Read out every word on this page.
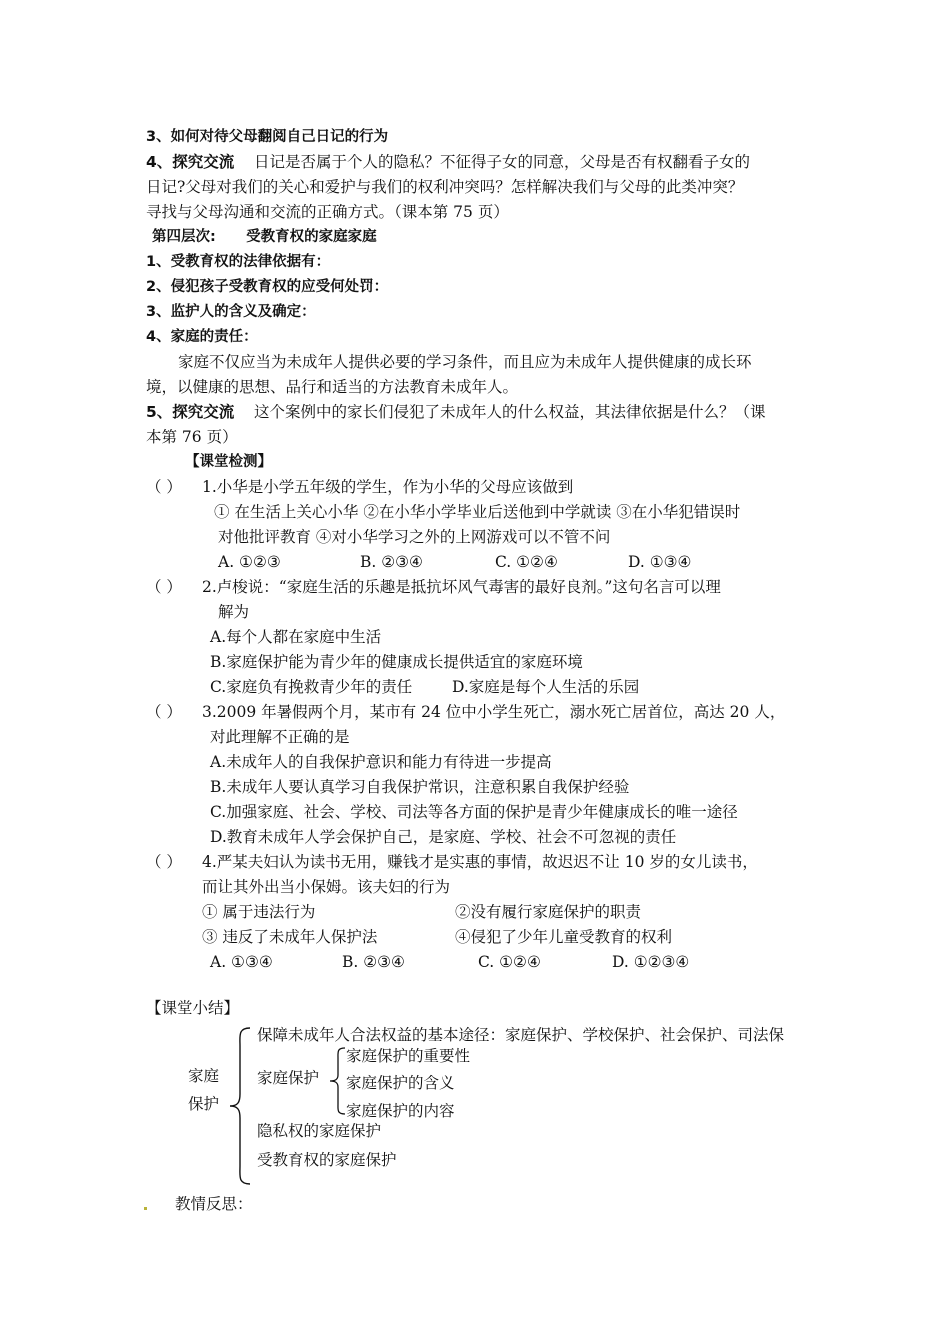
3、如何对待父母翻阅自己日记的行为
4、探究交流 日记是否属于个人的隐私？不征得子女的同意，父母是否有权翻看子女的
日记?父母对我们的关心和爱护与我们的权利冲突吗？怎样解决我们与父母的此类冲突？
寻找与父母沟通和交流的正确方式。（课本第 75 页）
第四层次: 受教育权的家庭家庭
1、受教育权的法律依据有：
2、侵犯孩子受教育权的应受何处罚：
3、监护人的含义及确定：
4、家庭的责任：
家庭不仅应当为未成年人提供必要的学习条件，而且应为未成年人提供健康的成长环
境，以健康的思想、品行和适当的方法教育未成年人。
5、探究交流 这个案例中的家长们侵犯了未成年人的什么权益，其法律依据是什么？（课
本第 76 页）
【课堂检测】
（ ） 1.小华是小学五年级的学生，作为小华的父母应该做到
① 在生活上关心小华 ②在小华小学毕业后送他到中学就读 ③在小华犯错误时
对他批评教育 ④对小华学习之外的上网游戏可以不管不问
A. ①②③	B. ②③④	C. ①②④	D. ①③④
（ ） 2.卢梭说：“家庭生活的乐趣是抵抗坏风气毒害的最好良剂。”这句名言可以理
解为
A.每个人都在家庭中生活
B.家庭保护能为青少年的健康成长提供适宜的家庭环境
C.家庭负有挽救青少年的责任	D.家庭是每个人生活的乐园
（ ） 3.2009 年暑假两个月，某市有 24 位中小学生死亡，溺水死亡居首位，高达 20 人，
对此理解不正确的是
A.未成年人的自我保护意识和能力有待进一步提高
B.未成年人要认真学习自我保护常识，注意积累自我保护经验
C.加强家庭、社会、学校、司法等各方面的保护是青少年健康成长的唯一途径
D.教育未成年人学会保护自己，是家庭、学校、社会不可忽视的责任
（ ） 4.严某夫妇认为读书无用，赚钱才是实惠的事情，故迟迟不让 10 岁的女儿读书，
而让其外出当小保姆。该夫妇的行为
① 属于违法行为	②没有履行家庭保护的职责
③ 违反了未成年人保护法	④侵犯了少年儿童受教育的权利
A. ①③④	B. ②③④	C. ①②④	D. ①②③④
【课堂小结】
家庭
保护
保障未成年人合法权益的基本途径：家庭保护、学校保护、社会保护、司法保
家庭保护
家庭保护的重要性
家庭保护的含义
家庭保护的内容
隐私权的家庭保护
受教育权的家庭保护
教情反思：
